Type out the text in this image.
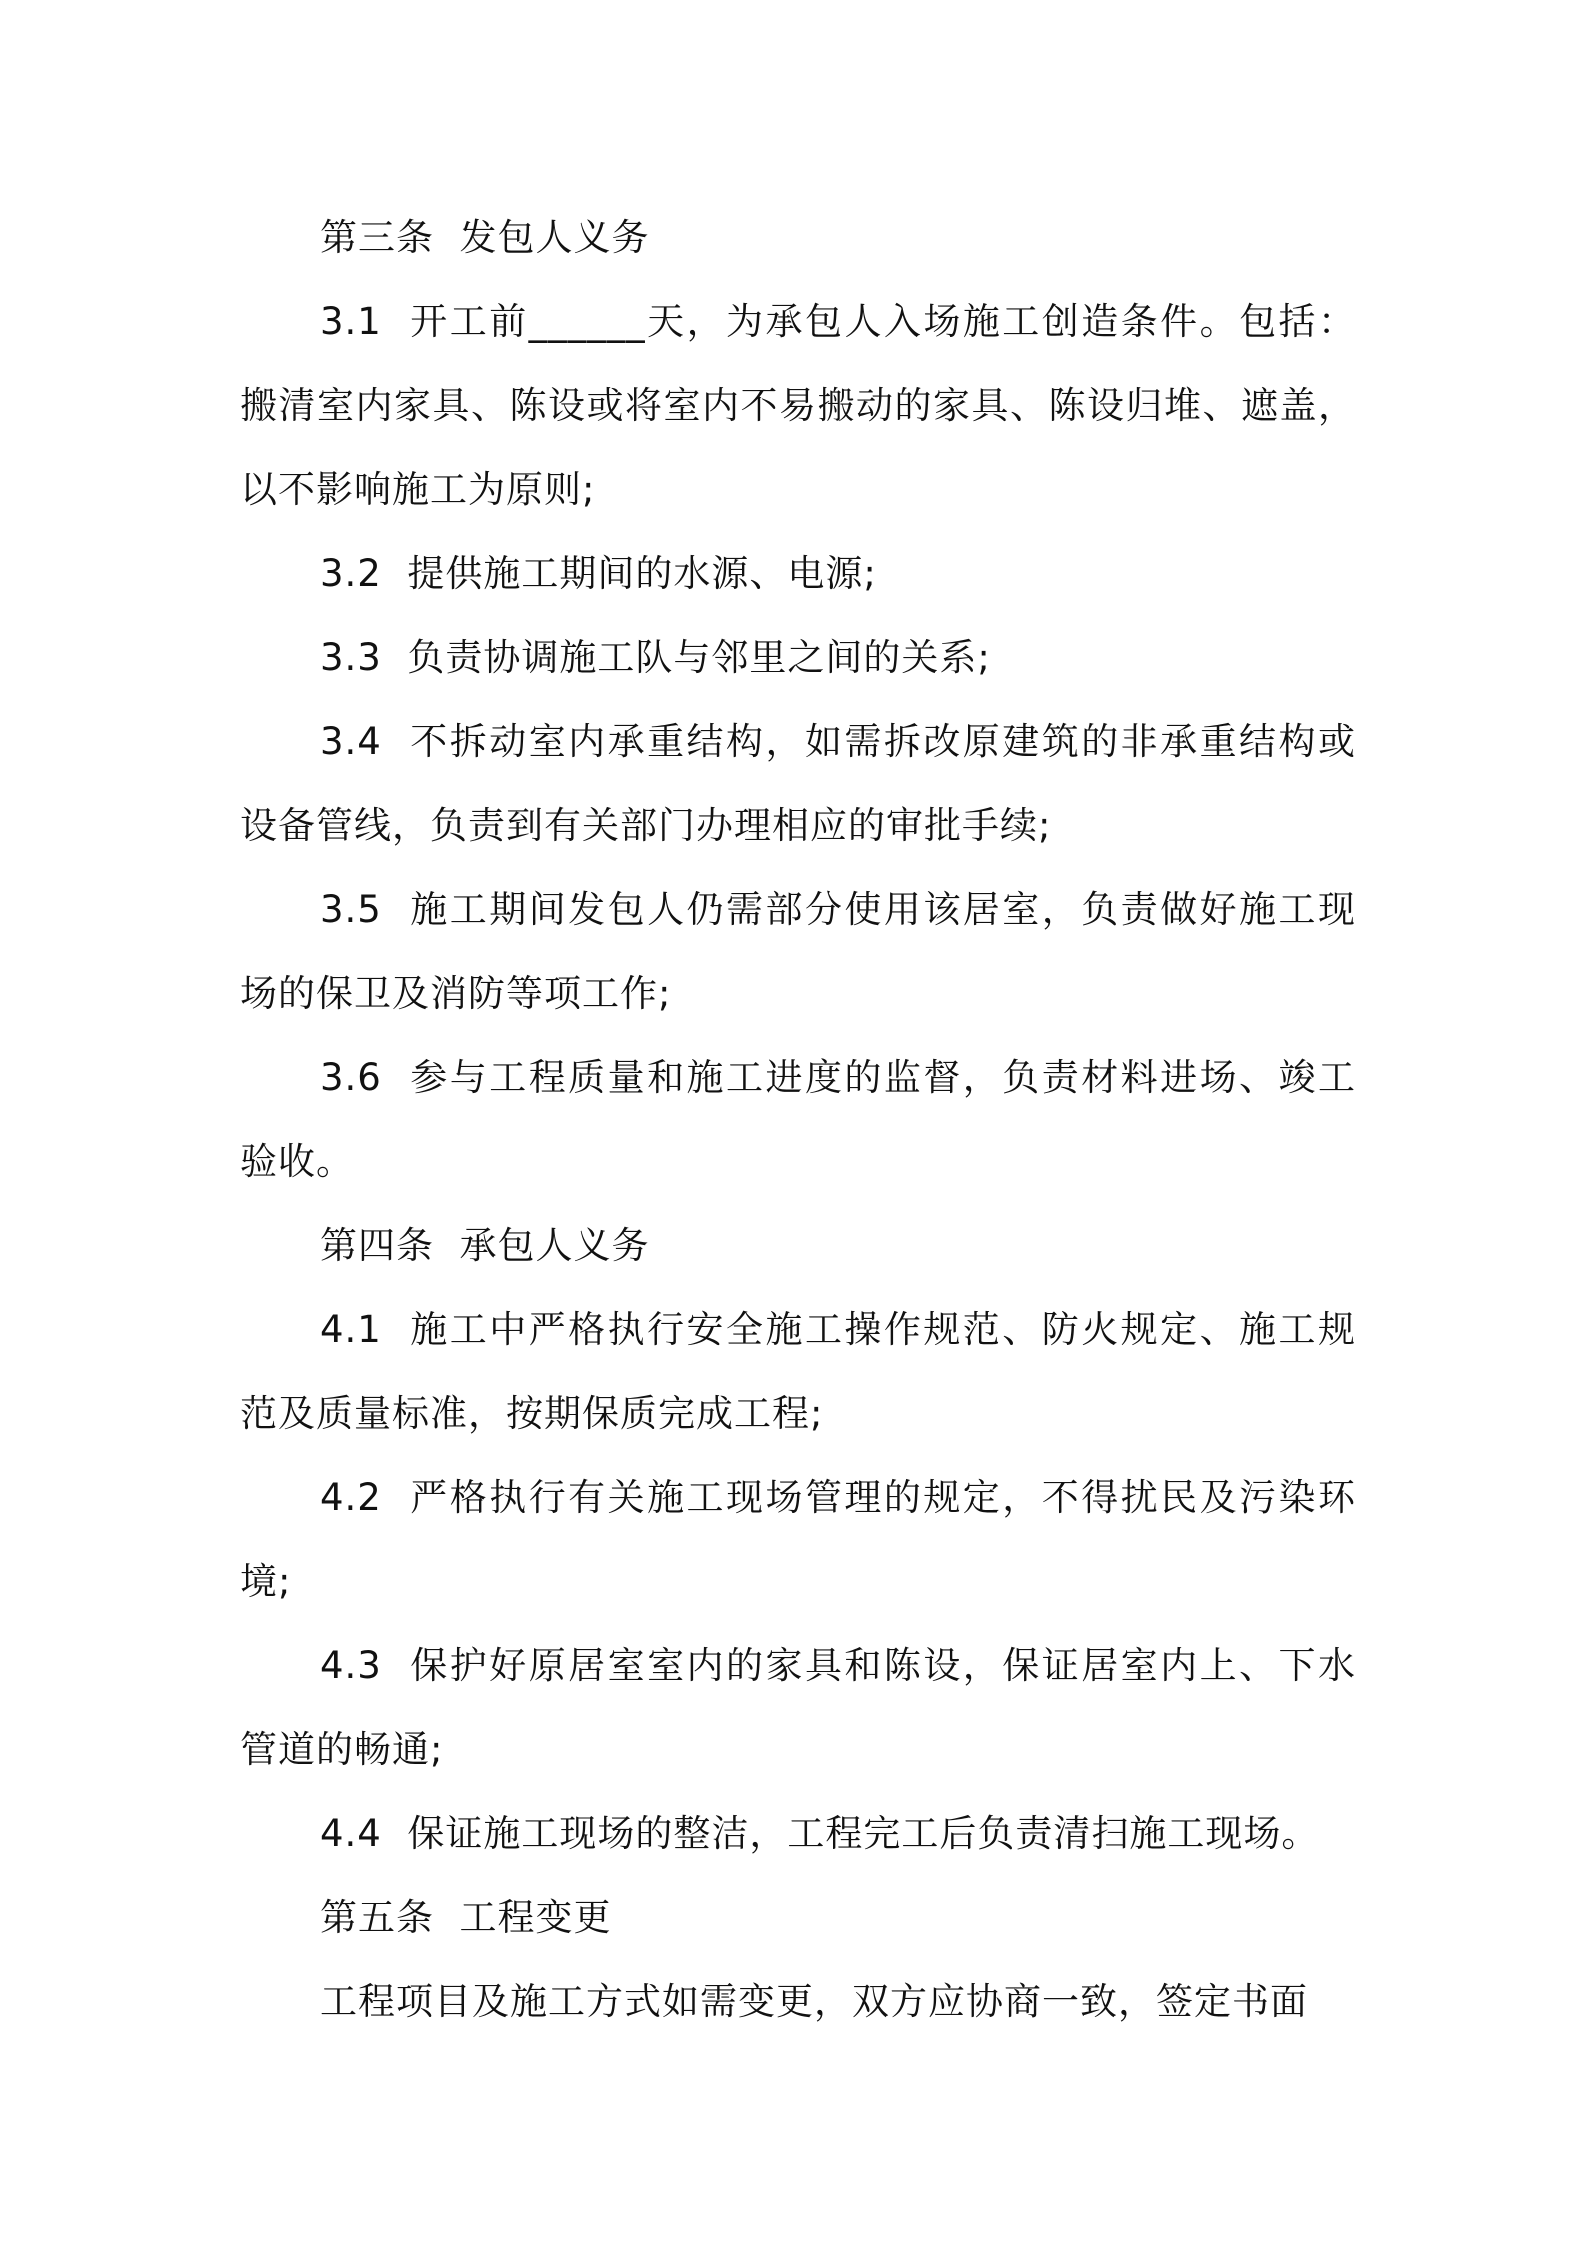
第三条  发包人义务

3.1  开工前______天，为承包人入场施工创造条件。包括：搬清室内家具、陈设或将室内不易搬动的家具、陈设归堆、遮盖，以不影响施工为原则;

3.2  提供施工期间的水源、电源;

3.3  负责协调施工队与邻里之间的关系;

3.4  不拆动室内承重结构，如需拆改原建筑的非承重结构或设备管线，负责到有关部门办理相应的审批手续;

3.5  施工期间发包人仍需部分使用该居室，负责做好施工现场的保卫及消防等项工作;

3.6  参与工程质量和施工进度的监督，负责材料进场、竣工验收。

第四条  承包人义务

4.1  施工中严格执行安全施工操作规范、防火规定、施工规范及质量标准，按期保质完成工程;

4.2  严格执行有关施工现场管理的规定，不得扰民及污染环境;

4.3  保护好原居室室内的家具和陈设，保证居室内上、下水管道的畅通;

4.4  保证施工现场的整洁，工程完工后负责清扫施工现场。

第五条  工程变更

工程项目及施工方式如需变更，双方应协商一致，签定书面
